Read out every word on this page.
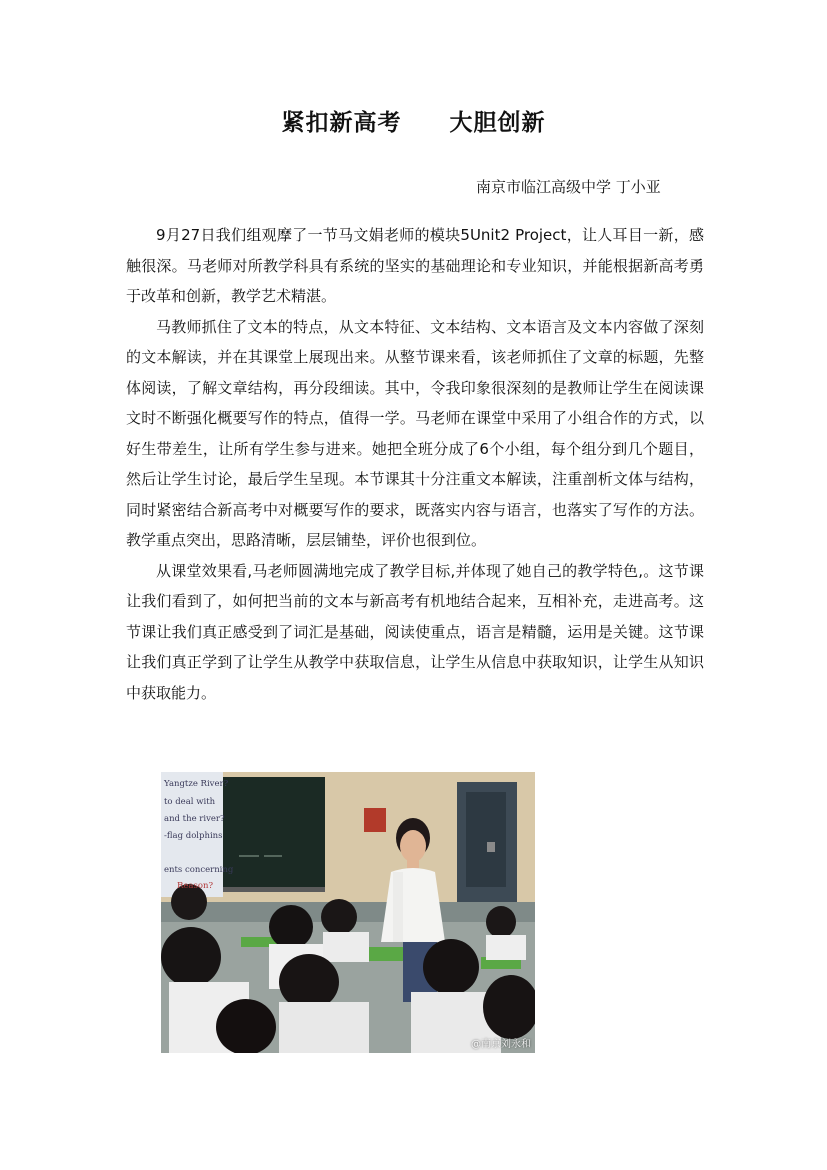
紧扣新高考　　大胆创新
南京市临江高级中学 丁小亚

9月27日我们组观摩了一节马文娟老师的模块5Unit2 Project，让人耳目一新，感触很深。马老师对所教学科具有系统的坚实的基础理论和专业知识，并能根据新高考勇于改革和创新，教学艺术精湛。

马教师抓住了文本的特点，从文本特征、文本结构、文本语言及文本内容做了深刻的文本解读，并在其课堂上展现出来。从整节课来看，该老师抓住了文章的标题，先整体阅读，了解文章结构，再分段细读。其中，令我印象很深刻的是教师让学生在阅读课文时不断强化概要写作的特点，值得一学。马老师在课堂中采用了小组合作的方式，以好生带差生，让所有学生参与进来。她把全班分成了6个小组，每个组分到几个题目，然后让学生讨论，最后学生呈现。本节课其十分注重文本解读，注重剖析文体与结构，同时紧密结合新高考中对概要写作的要求，既落实内容与语言，也落实了写作的方法。教学重点突出，思路清晰，层层铺垫，评价也很到位。

从课堂效果看,马老师圆满地完成了教学目标,并体现了她自己的教学特色,。这节课让我们看到了，如何把当前的文本与新高考有机地结合起来，互相补充，走进高考。这节课让我们真正感受到了词汇是基础，阅读使重点，语言是精髓，运用是关键。这节课让我们真正学到了让学生从教学中获取信息，让学生从信息中获取知识，让学生从知识中获取能力。

Yangtze River?
to deal with
and the river?
-flag dolphins
ents concerning
Reason?
@南京刘永和
